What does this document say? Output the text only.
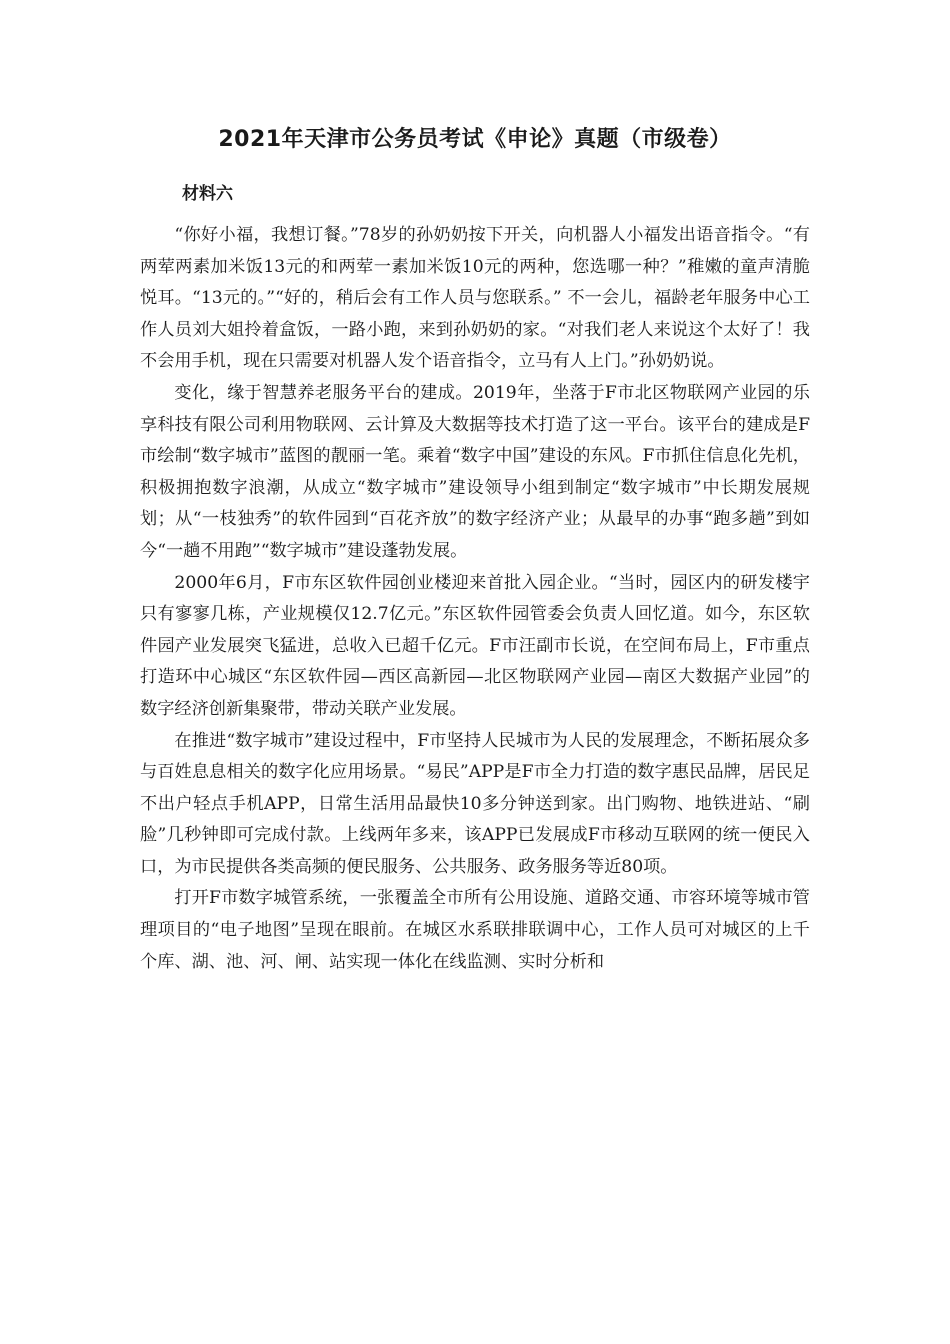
2021年天津市公务员考试《申论》真题（市级卷）
材料六

“你好小福，我想订餐。”78岁的孙奶奶按下开关，向机器人小福发出语音指令。“有两荤两素加米饭13元的和两荤一素加米饭10元的两种，您选哪一种？”稚嫩的童声清脆悦耳。“13元的。”“好的，稍后会有工作人员与您联系。” 不一会儿，福龄老年服务中心工作人员刘大姐拎着盒饭，一路小跑，来到孙奶奶的家。“对我们老人来说这个太好了！我不会用手机，现在只需要对机器人发个语音指令，立马有人上门。”孙奶奶说。

变化，缘于智慧养老服务平台的建成。2019年，坐落于F市北区物联网产业园的乐享科技有限公司利用物联网、云计算及大数据等技术打造了这一平台。该平台的建成是F市绘制“数字城市”蓝图的靓丽一笔。乘着“数字中国”建设的东风。F市抓住信息化先机，积极拥抱数字浪潮，从成立“数字城市”建设领导小组到制定“数字城市”中长期发展规划；从“一枝独秀”的软件园到“百花齐放”的数字经济产业；从最早的办事“跑多趟”到如今“一趟不用跑”“数字城市”建设蓬勃发展。

2000年6月，F市东区软件园创业楼迎来首批入园企业。“当时，园区内的研发楼宇只有寥寥几栋，产业规模仅12.7亿元。”东区软件园管委会负责人回忆道。如今，东区软件园产业发展突飞猛进，总收入已超千亿元。F市汪副市长说，在空间布局上，F市重点打造环中心城区“东区软件园—西区高新园—北区物联网产业园—南区大数据产业园”的数字经济创新集聚带，带动关联产业发展。

在推进“数字城市”建设过程中，F市坚持人民城市为人民的发展理念，不断拓展众多与百姓息息相关的数字化应用场景。“易民”APP是F市全力打造的数字惠民品牌，居民足不出户轻点手机APP，日常生活用品最快10多分钟送到家。出门购物、地铁进站、“刷脸”几秒钟即可完成付款。上线两年多来，该APP已发展成F市移动互联网的统一便民入口，为市民提供各类高频的便民服务、公共服务、政务服务等近80项。

打开F市数字城管系统，一张覆盖全市所有公用设施、道路交通、市容环境等城市管理项目的“电子地图”呈现在眼前。在城区水系联排联调中心，工作人员可对城区的上千个库、湖、池、河、闸、站实现一体化在线监测、实时分析和
